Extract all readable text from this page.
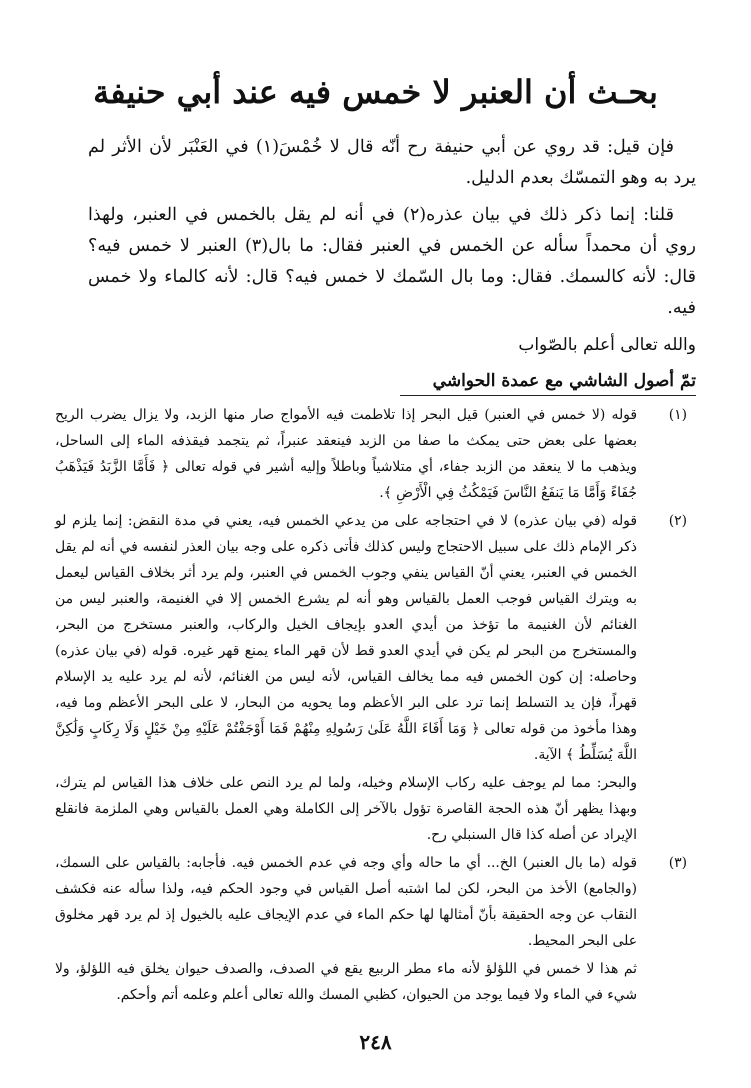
بحـث أن العنبر لا خمس فيه عند أبي حنيفة

فإن قيل: قد روي عن أبي حنيفة رح أنّه قال لا خُمْسَ(١) في العَنْبَر لأن الأثر لم يرد به وهو التمسّك بعدم الدليل.

قلنا: إنما ذكر ذلك في بيان عذره(٢) في أنه لم يقل بالخمس في العنبر، ولهذا روي أن محمداً سأله عن الخمس في العنبر فقال: ما بال(٣) العنبر لا خمس فيه؟ قال: لأنه كالسمك. فقال: وما بال السّمك لا خمس فيه؟ قال: لأنه كالماء ولا خمس فيه.

والله تعالى أعلم بالصّواب

تمّ أصول الشاشي مع عمدة الحواشي

(١)

قوله (لا خمس في العنبر) قيل البحر إذا تلاطمت فيه الأمواج صار منها الزبد، ولا يزال يضرب الريح بعضها على بعض حتى يمكث ما صفا من الزبد فينعقد عنبراً، ثم يتجمد فيقذفه الماء إلى الساحل، ويذهب ما لا ينعقد من الزبد جفاء، أي متلاشياً وباطلاً وإليه أشير في قوله تعالى ﴿ فَأَمَّا الزَّبَدُ فَيَذْهَبُ جُفَاءً وَأَمَّا مَا يَنفَعُ النَّاسَ فَيَمْكُثُ فِي الْأَرْضِ ﴾.

(٢)

قوله (في بيان عذره) لا في احتجاجه على من يدعي الخمس فيه، يعني في مدة النقض: إنما يلزم لو ذكر الإمام ذلك على سبيل الاحتجاج وليس كذلك فأتى ذكره على وجه بيان العذر لنفسه في أنه لم يقل الخمس في العنبر، يعني أنّ القياس ينفي وجوب الخمس في العنبر، ولم يرد أثر بخلاف القياس ليعمل به ويترك القياس فوجب العمل بالقياس وهو أنه لم يشرع الخمس إلا في الغنيمة، والعنبر ليس من الغنائم لأن الغنيمة ما تؤخذ من أيدي العدو بإيجاف الخيل والركاب، والعنبر مستخرج من البحر، والمستخرج من البحر لم يكن في أيدي العدو قط لأن قهر الماء يمنع قهر غيره. قوله (في بيان عذره) وحاصله: إن كون الخمس فيه مما يخالف القياس، لأنه ليس من الغنائم، لأنه لم يرد عليه يد الإسلام قهراً، فإن يد التسلط إنما ترد على البر الأعظم وما يحويه من البحار، لا على البحر الأعظم وما فيه، وهذا مأخوذ من قوله تعالى ﴿ وَمَا أَفَاءَ اللَّهُ عَلَىٰ رَسُولِهِ مِنْهُمْ فَمَا أَوْجَفْتُمْ عَلَيْهِ مِنْ خَيْلٍ وَلَا رِكَابٍ وَلَٰكِنَّ اللَّهَ يُسَلِّطُ ﴾ الآية.

والبحر: مما لم يوجف عليه ركاب الإسلام وخيله، ولما لم يرد النص على خلاف هذا القياس لم يترك، وبهذا يظهر أنّ هذه الحجة القاصرة تؤول بالآخر إلى الكاملة وهي العمل بالقياس وهي الملزمة فانقلع الإيراد عن أصله كذا قال السنبلي رح.

(٣)

قوله (ما بال العنبر) الخ... أي ما حاله وأي وجه في عدم الخمس فيه. فأجابه: بالقياس على السمك، (والجامع) الأخذ من البحر، لكن لما اشتبه أصل القياس في وجود الحكم فيه، ولذا سأله عنه فكشف النقاب عن وجه الحقيقة بأنّ أمثالها لها حكم الماء في عدم الإيجاف عليه بالخيول إذ لم يرد قهر مخلوق على البحر المحيط.

ثم هذا لا خمس في اللؤلؤ لأنه ماء مطر الربيع يقع في الصدف، والصدف حيوان يخلق فيه اللؤلؤ، ولا شيء في الماء ولا فيما يوجد من الحيوان، كظبي المسك والله تعالى أعلم وعلمه أتم وأحكم.

٢٤٨
